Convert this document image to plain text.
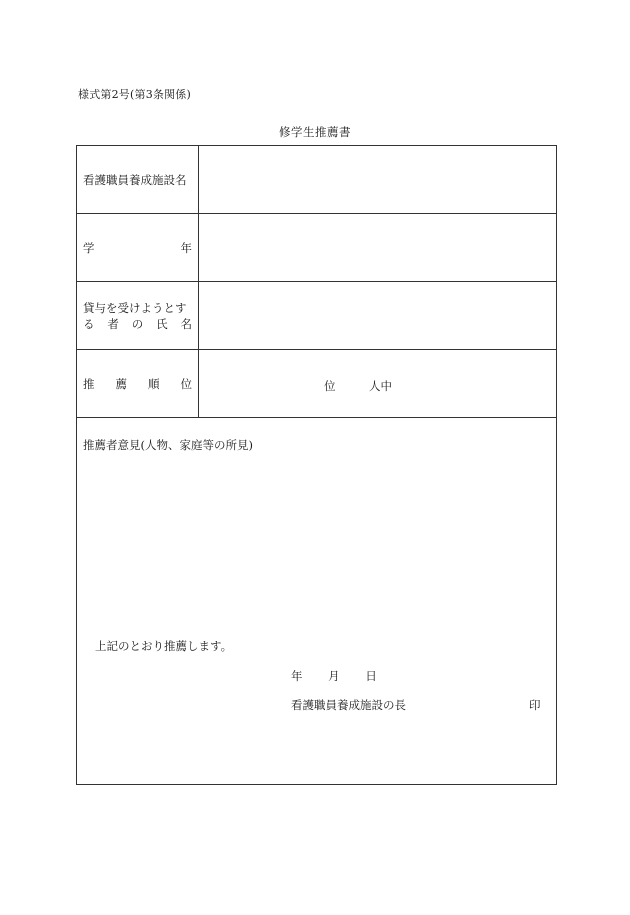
様式第2号(第3条関係)
修学生推薦書
看護職員養成施設名
学	年
貸与を受けようとす
る 者 の 氏 名
推 薦 順 位	位	人中
推薦者意見(人物、家庭等の所見)
上記のとおり推薦します。
年 月 日
看護職員養成施設の長	印
